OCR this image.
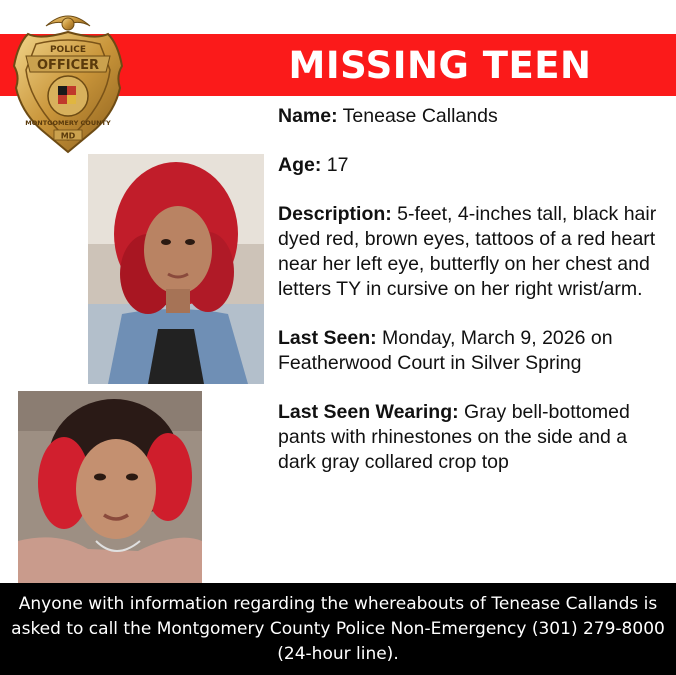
MISSING TEEN
OFFICER
POLICE
MONTGOMERY COUNTY
MD
Name: Tenease Callands
Age: 17
Description: 5-feet, 4-inches tall, black hair dyed red, brown eyes, tattoos of a red heart near her left eye, butterfly on her chest and letters TY in cursive on her right wrist/arm.
Last Seen: Monday, March 9, 2026 on Featherwood Court in Silver Spring
Last Seen Wearing: Gray bell-bottomed pants with rhinestones on the side and a dark gray collared crop top
Anyone with information regarding the whereabouts of Tenease Callands is asked to call the Montgomery County Police Non-Emergency (301) 279-8000 (24-hour line).
